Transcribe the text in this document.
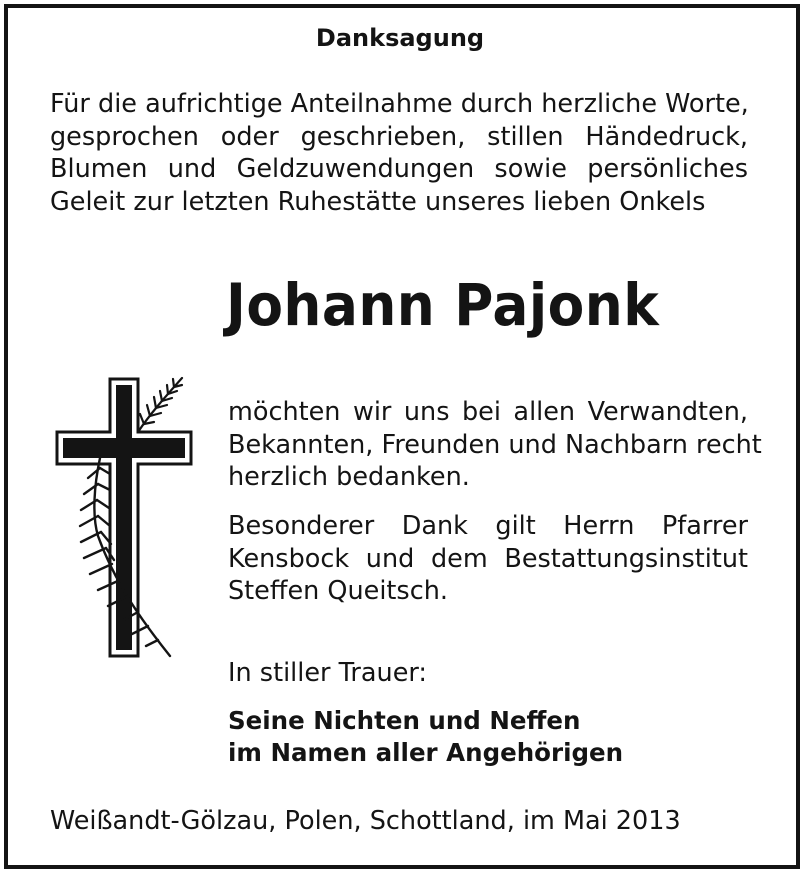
Danksagung
Für die aufrichtige Anteilnahme durch herzliche Worte,
gesprochen oder geschrieben, stillen Händedruck,
Blumen und Geldzuwendungen sowie persönliches
Geleit zur letzten Ruhestätte unseres lieben Onkels
Johann Pajonk
möchten wir uns bei allen Verwandten,
Bekannten, Freunden und Nachbarn recht
herzlich bedanken.
Besonderer Dank gilt Herrn Pfarrer
Kensbock und dem Bestattungsinstitut
Steffen Queitsch.
In stiller Trauer:
Seine Nichten und Neffen
im Namen aller Angehörigen
Weißandt-Gölzau, Polen, Schottland, im Mai 2013
